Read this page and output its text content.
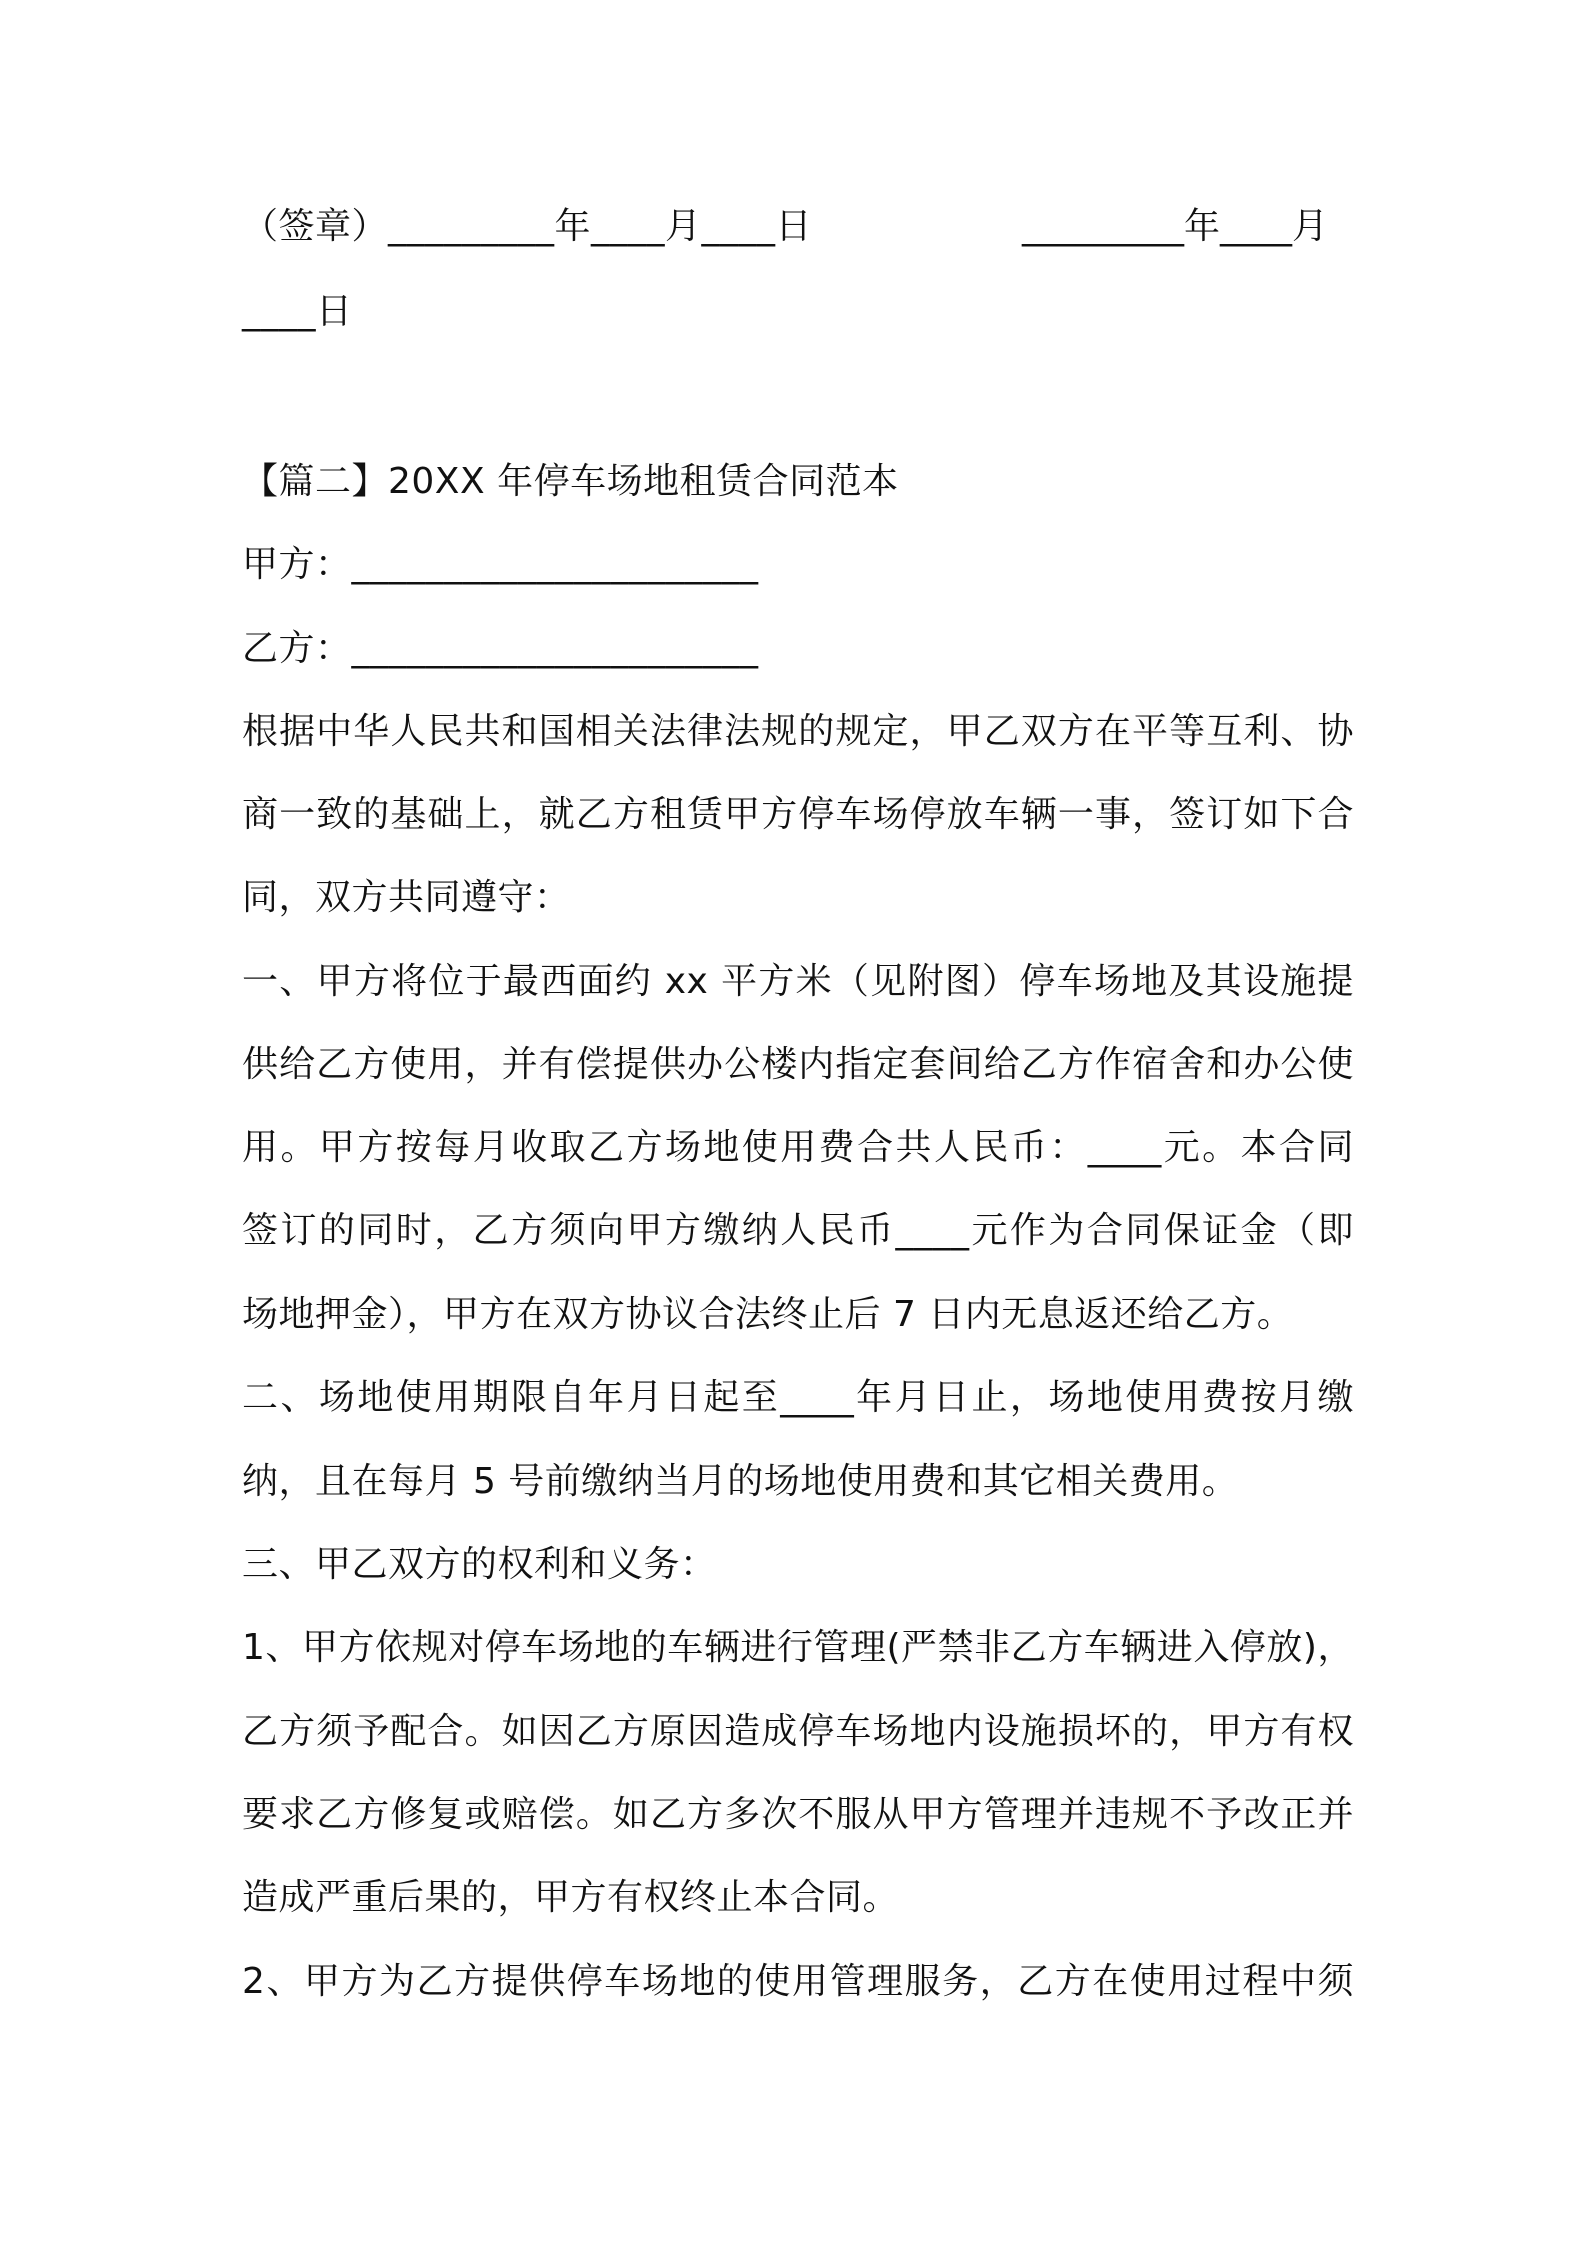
（签章）_________年____月____日	_________年____月
____日
【篇二】20XX 年停车场地租赁合同范本
甲方：______________________
乙方：______________________
根据中华人民共和国相关法律法规的规定，甲乙双方在平等互利、协
商一致的基础上，就乙方租赁甲方停车场停放车辆一事，签订如下合
同，双方共同遵守：
一、甲方将位于最西面约 xx 平方米（见附图）停车场地及其设施提
供给乙方使用，并有偿提供办公楼内指定套间给乙方作宿舍和办公使
用。甲方按每月收取乙方场地使用费合共人民币：____元。本合同
签订的同时，乙方须向甲方缴纳人民币____元作为合同保证金（即
场地押金），甲方在双方协议合法终止后 7 日内无息返还给乙方。
二、场地使用期限自年月日起至____年月日止，场地使用费按月缴
纳，且在每月 5 号前缴纳当月的场地使用费和其它相关费用。
三、甲乙双方的权利和义务：
1、甲方依规对停车场地的车辆进行管理(严禁非乙方车辆进入停放)，
乙方须予配合。如因乙方原因造成停车场地内设施损坏的，甲方有权
要求乙方修复或赔偿。如乙方多次不服从甲方管理并违规不予改正并
造成严重后果的，甲方有权终止本合同。
2、甲方为乙方提供停车场地的使用管理服务，乙方在使用过程中须
